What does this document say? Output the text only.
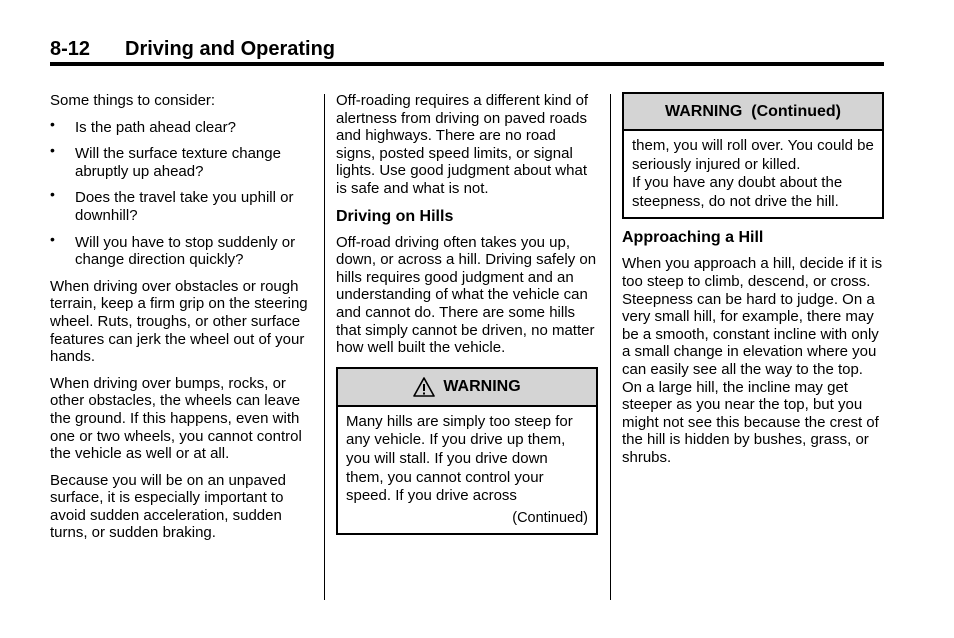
8-12 Driving and Operating

Some things to consider:

• Is the path ahead clear?
• Will the surface texture change abruptly up ahead?
• Does the travel take you uphill or downhill?
• Will you have to stop suddenly or change direction quickly?

When driving over obstacles or rough terrain, keep a firm grip on the steering wheel. Ruts, troughs, or other surface features can jerk the wheel out of your hands.

When driving over bumps, rocks, or other obstacles, the wheels can leave the ground. If this happens, even with one or two wheels, you cannot control the vehicle as well or at all.

Because you will be on an unpaved surface, it is especially important to avoid sudden acceleration, sudden turns, or sudden braking.

Off-roading requires a different kind of alertness from driving on paved roads and highways. There are no road signs, posted speed limits, or signal lights. Use good judgment about what is safe and what is not.

Driving on Hills

Off-road driving often takes you up, down, or across a hill. Driving safely on hills requires good judgment and an understanding of what the vehicle can and cannot do. There are some hills that simply cannot be driven, no matter how well built the vehicle.

WARNING
Many hills are simply too steep for any vehicle. If you drive up them, you will stall. If you drive down them, you cannot control your speed. If you drive across
(Continued)
WARNING  (Continued)
them, you will roll over. You could be seriously injured or killed.
If you have any doubt about the steepness, do not drive the hill.
Approaching a Hill

When you approach a hill, decide if it is too steep to climb, descend, or cross. Steepness can be hard to judge. On a very small hill, for example, there may be a smooth, constant incline with only a small change in elevation where you can easily see all the way to the top. On a large hill, the incline may get steeper as you near the top, but you might not see this because the crest of the hill is hidden by bushes, grass, or shrubs.
